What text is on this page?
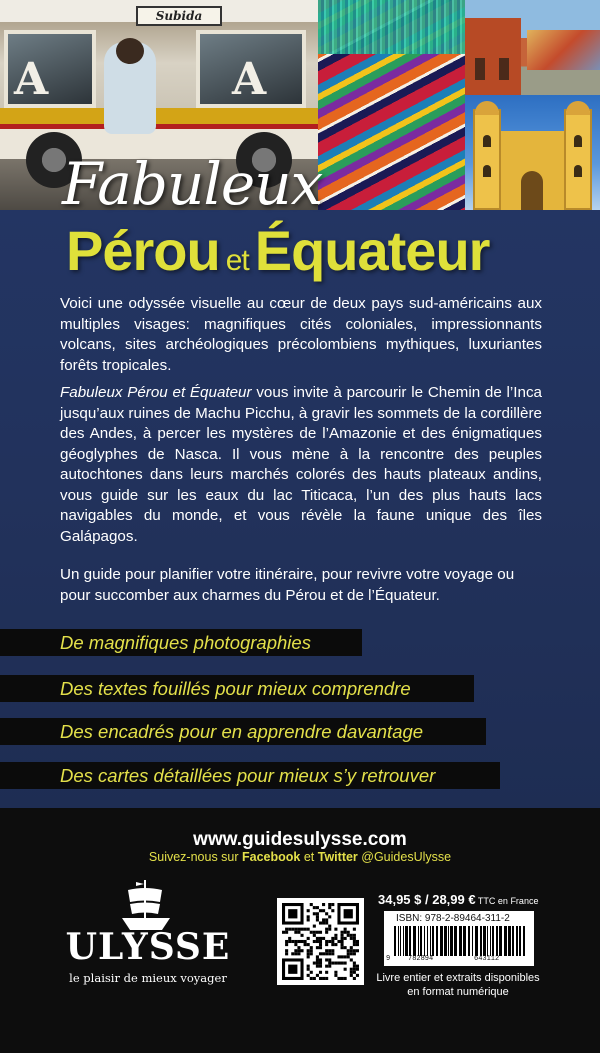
Subida
A	A
Fabuleux
Pérou et Équateur

Voici une odyssée visuelle au cœur de deux pays sud-américains aux multiples visages: magnifiques cités coloniales, impressionnants volcans, sites archéologiques précolombiens mythiques, luxuriantes forêts tropicales.

Fabuleux Pérou et Équateur vous invite à parcourir le Chemin de l’Inca jusqu’aux ruines de Machu Picchu, à gravir les sommets de la cordillère des Andes, à percer les mystères de l’Amazonie et des énigmatiques géoglyphes de Nasca. Il vous mène à la rencontre des peuples autochtones dans leurs marchés colorés des hauts plateaux andins, vous guide sur les eaux du lac Titicaca, l’un des plus hauts lacs navigables du monde, et vous révèle la faune unique des îles Galápagos.

Un guide pour planifier votre itinéraire, pour revivre votre voyage ou pour succomber aux charmes du Pérou et de l’Équateur.

De magnifiques photographies
Des textes fouillés pour mieux comprendre
Des encadrés pour en apprendre davantage
Des cartes détaillées pour mieux s’y retrouver
www.guidesulysse.com
Suivez-nous sur Facebook et Twitter @GuidesUlysse
ULYSSE
le plaisir de mieux voyager
34,95 $ / 28,99 € TTC en France
ISBN: 978-2-89464-311-2
9	782894	643112
Livre entier et extraits disponibles
en format numérique
